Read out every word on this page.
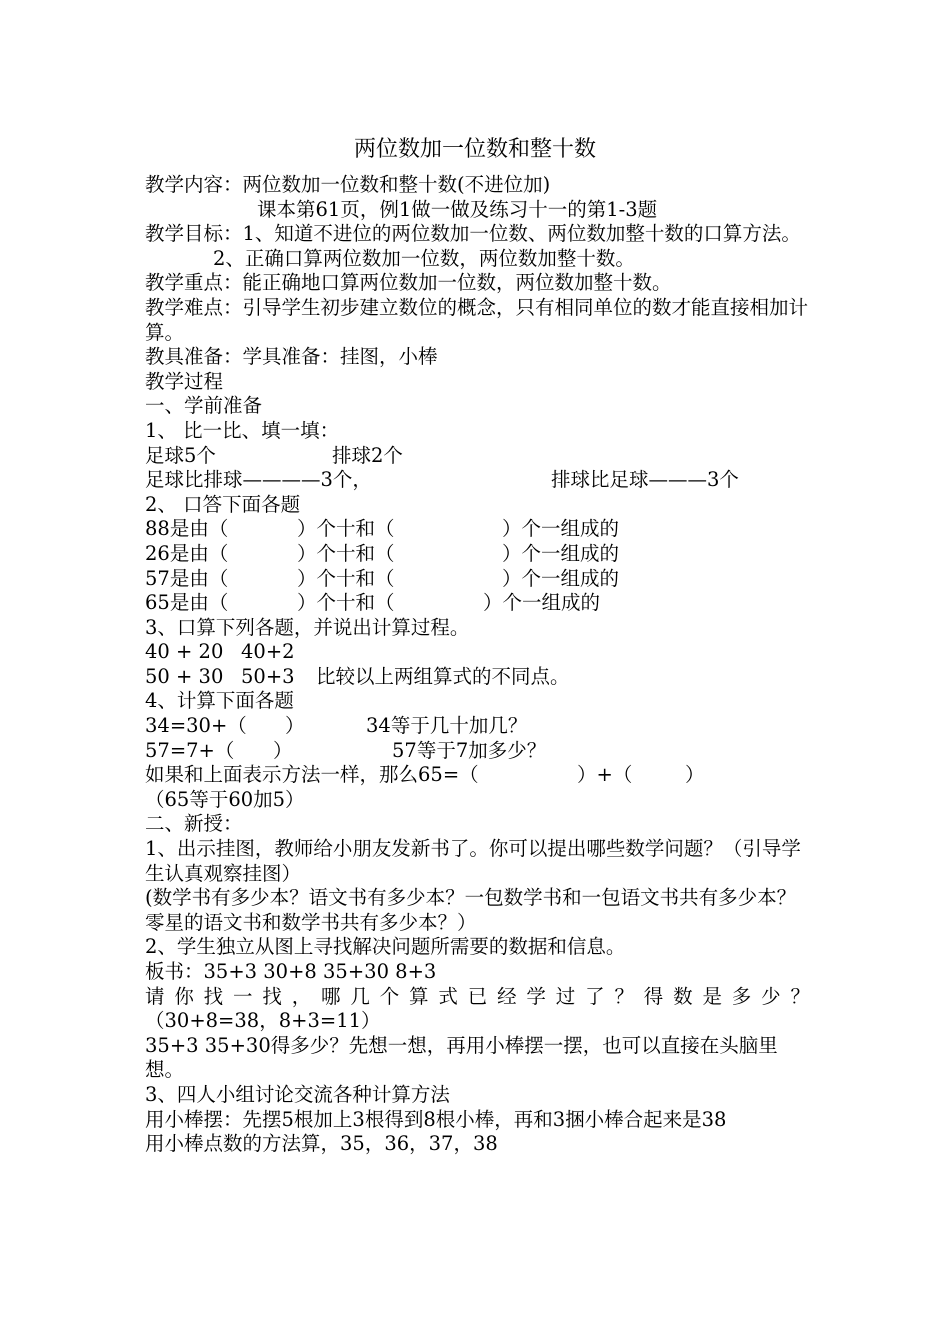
两位数加一位数和整十数
教学内容：两位数加一位数和整十数(不进位加)
课本第61页，例1做一做及练习十一的第1-3题
教学目标：1、知道不进位的两位数加一位数、两位数加整十数的口算方法。
2、正确口算两位数加一位数，两位数加整十数。
教学重点：能正确地口算两位数加一位数，两位数加整十数。
教学难点：引导学生初步建立数位的概念，只有相同单位的数才能直接相加计算。
教具准备：学具准备：挂图，小棒
教学过程
一、学前准备
1、 比一比、填一填：
足球5个	排球2个
足球比排球————3个，	排球比足球———3个
2、 口答下面各题
88是由（	）个十和（	）个一组成的
26是由（	）个十和（	）个一组成的
57是由（	）个十和（	）个一组成的
65是由（	）个十和（	）个一组成的
3、口算下列各题，并说出计算过程。
40 + 20 40+2
50 + 30 50+3 比较以上两组算式的不同点。
4、计算下面各题
34=30+（ ）	34等于几十加几？
57=7+（ ）	57等于7加多少？
如果和上面表示方法一样，那么65=（	）+（	）
（65等于60加5）
二、新授：
1、出示挂图，教师给小朋友发新书了。你可以提出哪些数学问题？（引导学生认真观察挂图）
(数学书有多少本？语文书有多少本？一包数学书和一包语文书共有多少本？零星的语文书和数学书共有多少本？）
2、学生独立从图上寻找解决问题所需要的数据和信息。
板书：35+3 30+8 35+30 8+3
请你找一找，哪几个算式已经学过了？得数是多少？
（30+8=38，8+3=11）
35+3 35+30得多少？先想一想，再用小棒摆一摆，也可以直接在头脑里想。
3、四人小组讨论交流各种计算方法
用小棒摆：先摆5根加上3根得到8根小棒，再和3捆小棒合起来是38
用小棒点数的方法算，35，36，37，38
